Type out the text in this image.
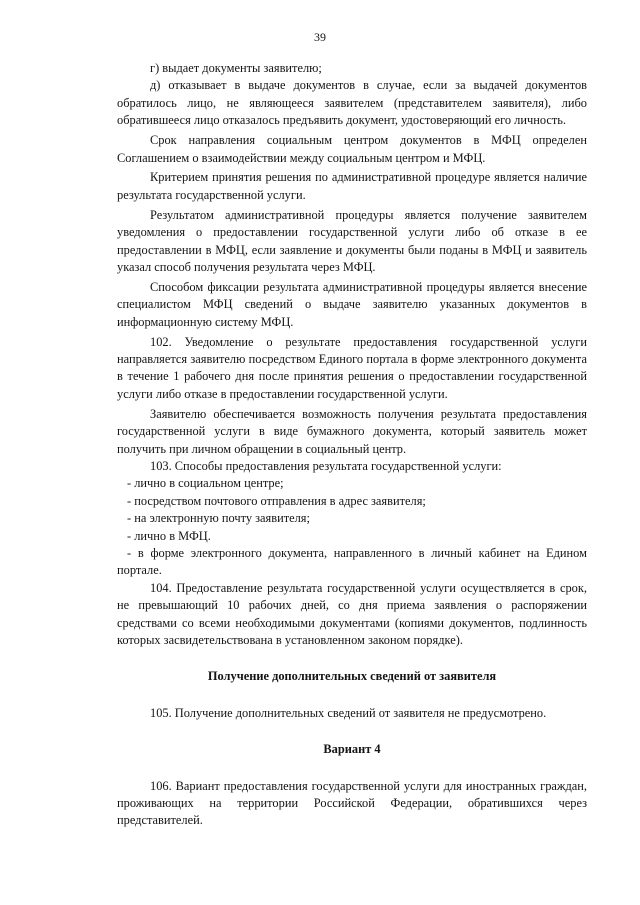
39

г) выдает документы заявителю;

д) отказывает в выдаче документов в случае, если за выдачей документов обратилось лицо, не являющееся заявителем (представителем заявителя), либо обратившееся лицо отказалось предъявить документ, удостоверяющий его личность.

Срок направления социальным центром документов в МФЦ определен Соглашением о взаимодействии между социальным центром и МФЦ.

Критерием принятия решения по административной процедуре является наличие результата государственной услуги.

Результатом административной процедуры является получение заявителем уведомления о предоставлении государственной услуги либо об отказе в ее предоставлении в МФЦ, если заявление и документы были поданы в МФЦ и заявитель указал способ получения результата через МФЦ.

Способом фиксации результата административной процедуры является внесение специалистом МФЦ сведений о выдаче заявителю указанных документов в информационную систему МФЦ.

102. Уведомление о результате предоставления государственной услуги направляется заявителю посредством Единого портала в форме электронного документа в течение 1 рабочего дня после принятия решения о предоставлении государственной услуги либо отказе в предоставлении государственной услуги.

Заявителю обеспечивается возможность получения результата предоставления государственной услуги в виде бумажного документа, который заявитель может получить при личном обращении в социальный центр.

103. Способы предоставления результата государственной услуги:

- лично в социальном центре;

- посредством почтового отправления в адрес заявителя;

- на электронную почту заявителя;

- лично в МФЦ.

- в форме электронного документа, направленного в личный кабинет на Едином портале.

104. Предоставление результата государственной услуги осуществляется в срок, не превышающий 10 рабочих дней, со дня приема заявления о распоряжении средствами со всеми необходимыми документами (копиями документов, подлинность которых засвидетельствована в установленном законом порядке).

Получение дополнительных сведений от заявителя

105. Получение дополнительных сведений от заявителя не предусмотрено.

Вариант 4

106. Вариант предоставления государственной услуги для иностранных граждан, проживающих на территории Российской Федерации, обратившихся через представителей.
